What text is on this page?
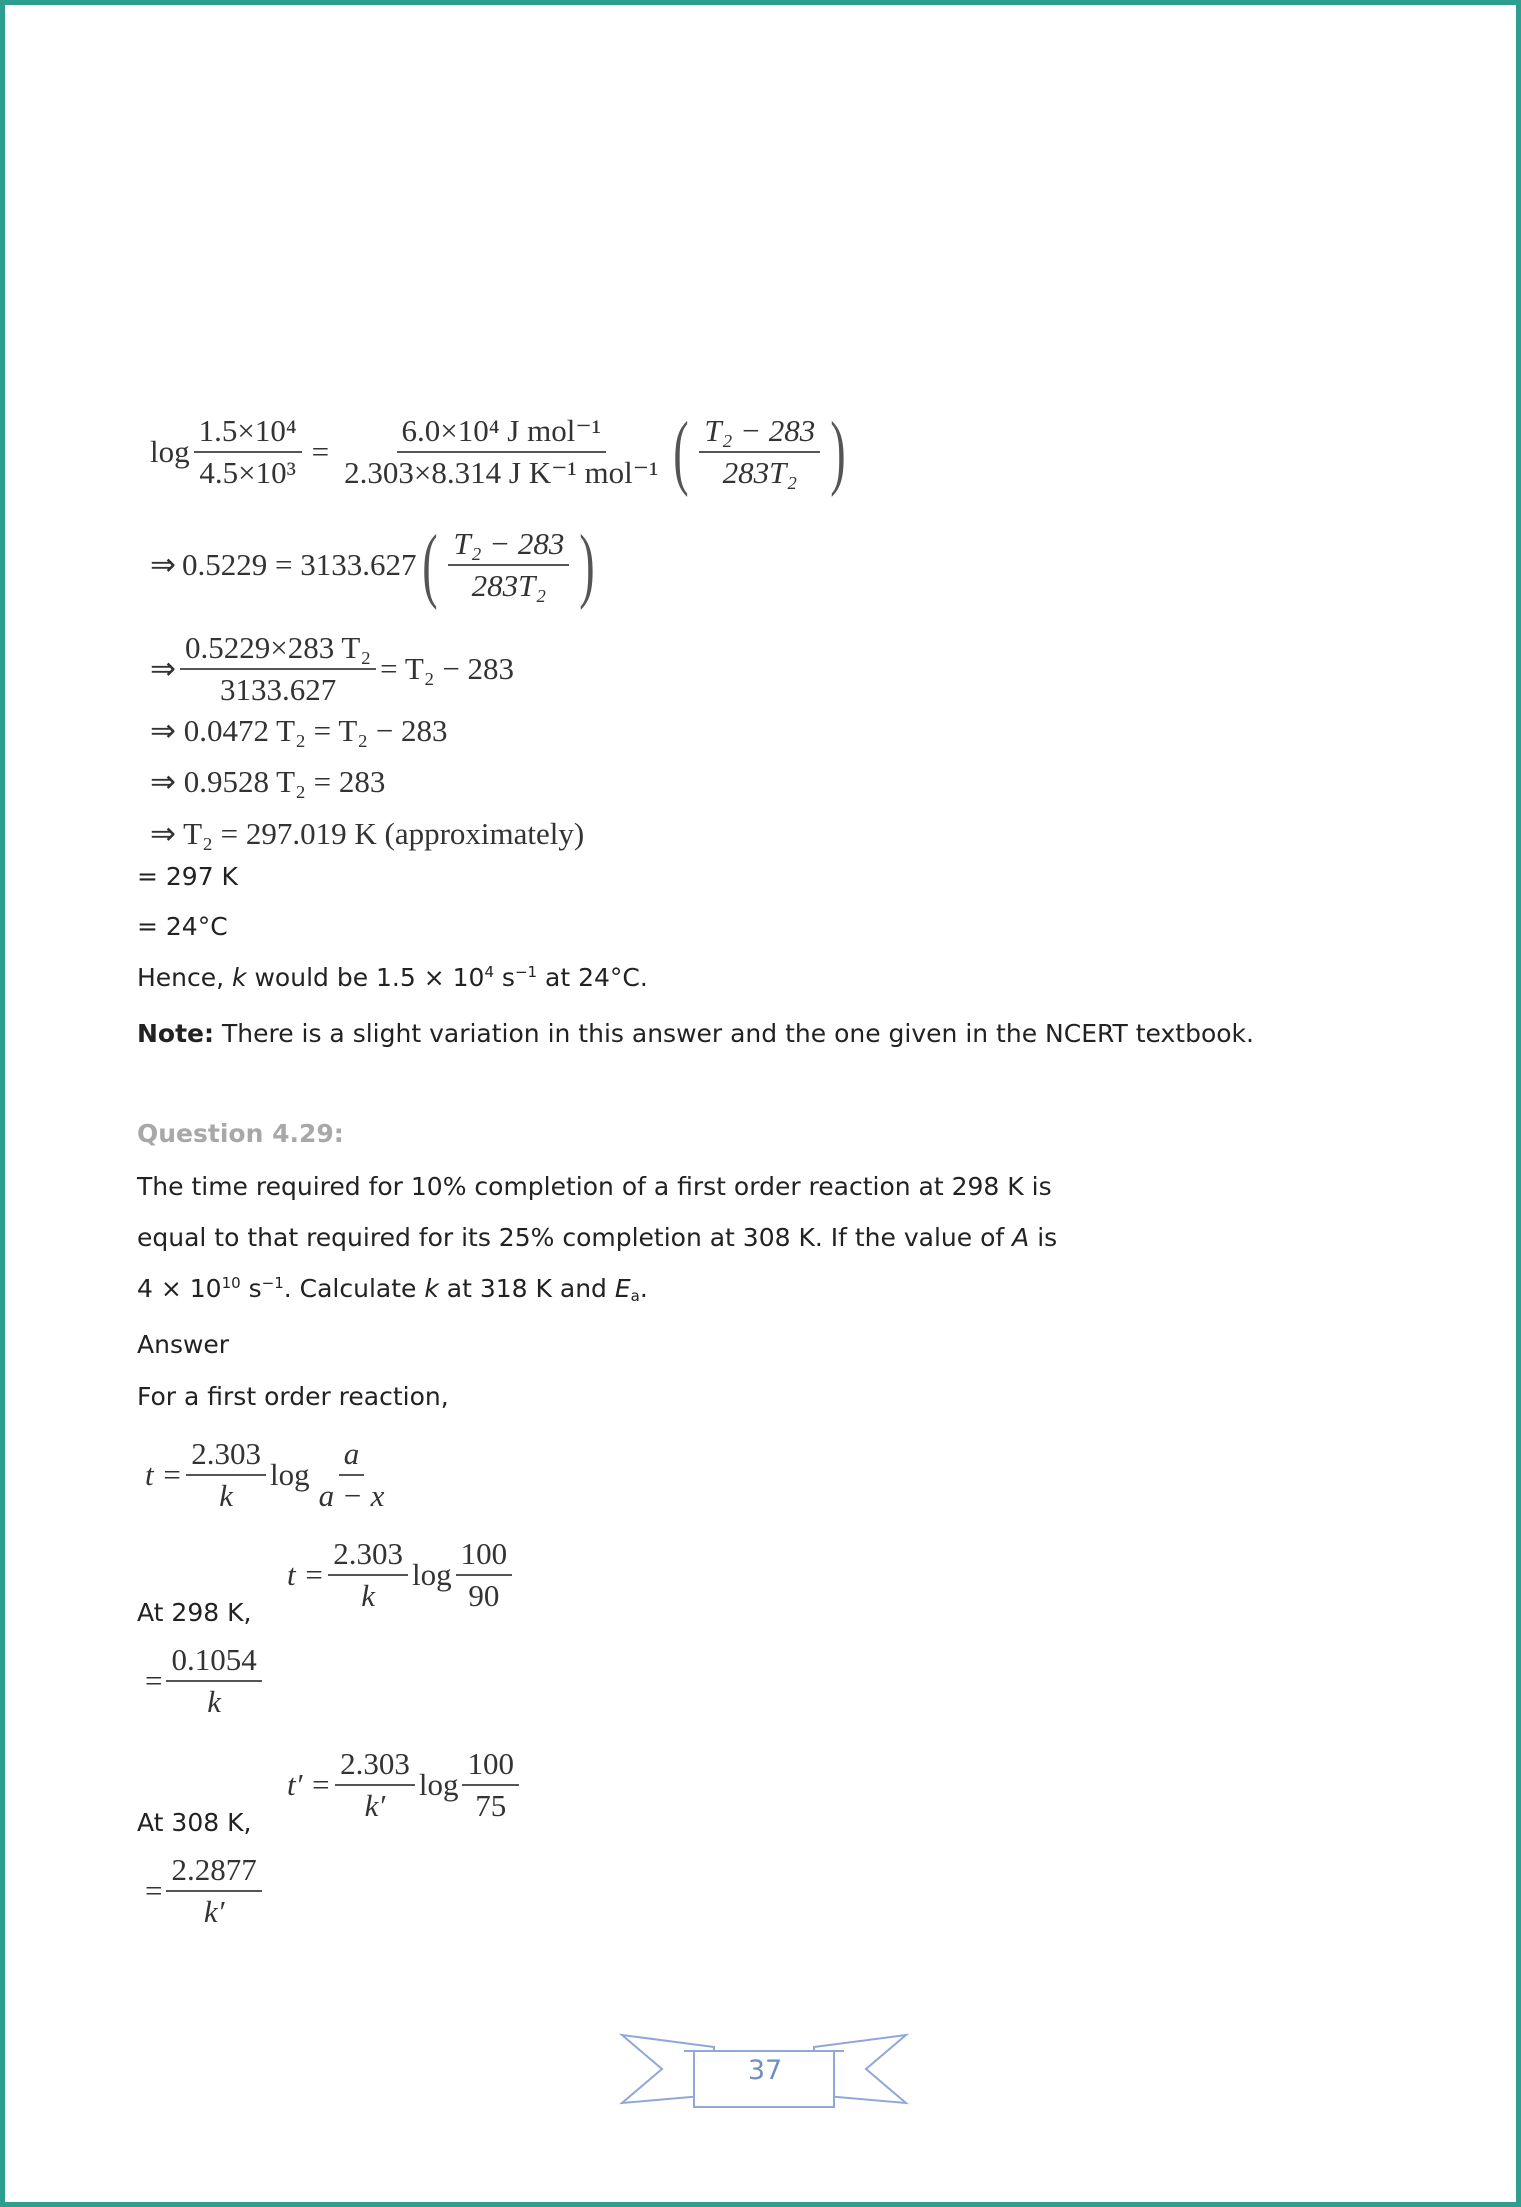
$\log \frac{\text{1.5×10⁴}}{\text{4.5×10³}} = \frac{\text{6.0×10⁴ J mol⁻¹}}{\text{2.303×8.314 J K⁻¹ mol⁻¹}}$ ( $\frac{\text{T₂ − 283}}{\text{283T₂}}$ )
⇒ 0.5229 = 3133.627 ( $\frac{\text{T₂ − 283}}{\text{283T₂}}$ )
⇒ $\frac{\text{0.5229×283 T₂}}{3133.627} = T_2 - 283$
⇒ 0.0472 T₂ = T₂ − 283
⇒ 0.9528 T₂ = 283
⇒ T₂ = 297.019 K (approximately)
= 297 K
= 24°C
Hence, k would be $1.5 \times 10^4$ $s^{-1}$ at 24°C.
Note: There is a slight variation in this answer and the one given in the NCERT textbook.
Question 4.29:
The time required for 10% completion of a first order reaction at 298 K is
equal to that required for its 25% completion at 308 K. If the value of A is
$4 \times 10^{10}$ $s^{-1}$. Calculate k at 318 K and $E_a$.
Answer
For a first order reaction,
$t = \frac{2.303}{k}$ $\log \frac{a}{a - x}$
$t = \frac{2.303}{k}$ $\log \frac{100}{90}$
At 298 K,
= $\frac{0.1054}{k}$
$t' = \frac{2.303}{k'}$ $\log \frac{100}{75}$
At 308 K,
= $\frac{2.2877}{k'}$
37
